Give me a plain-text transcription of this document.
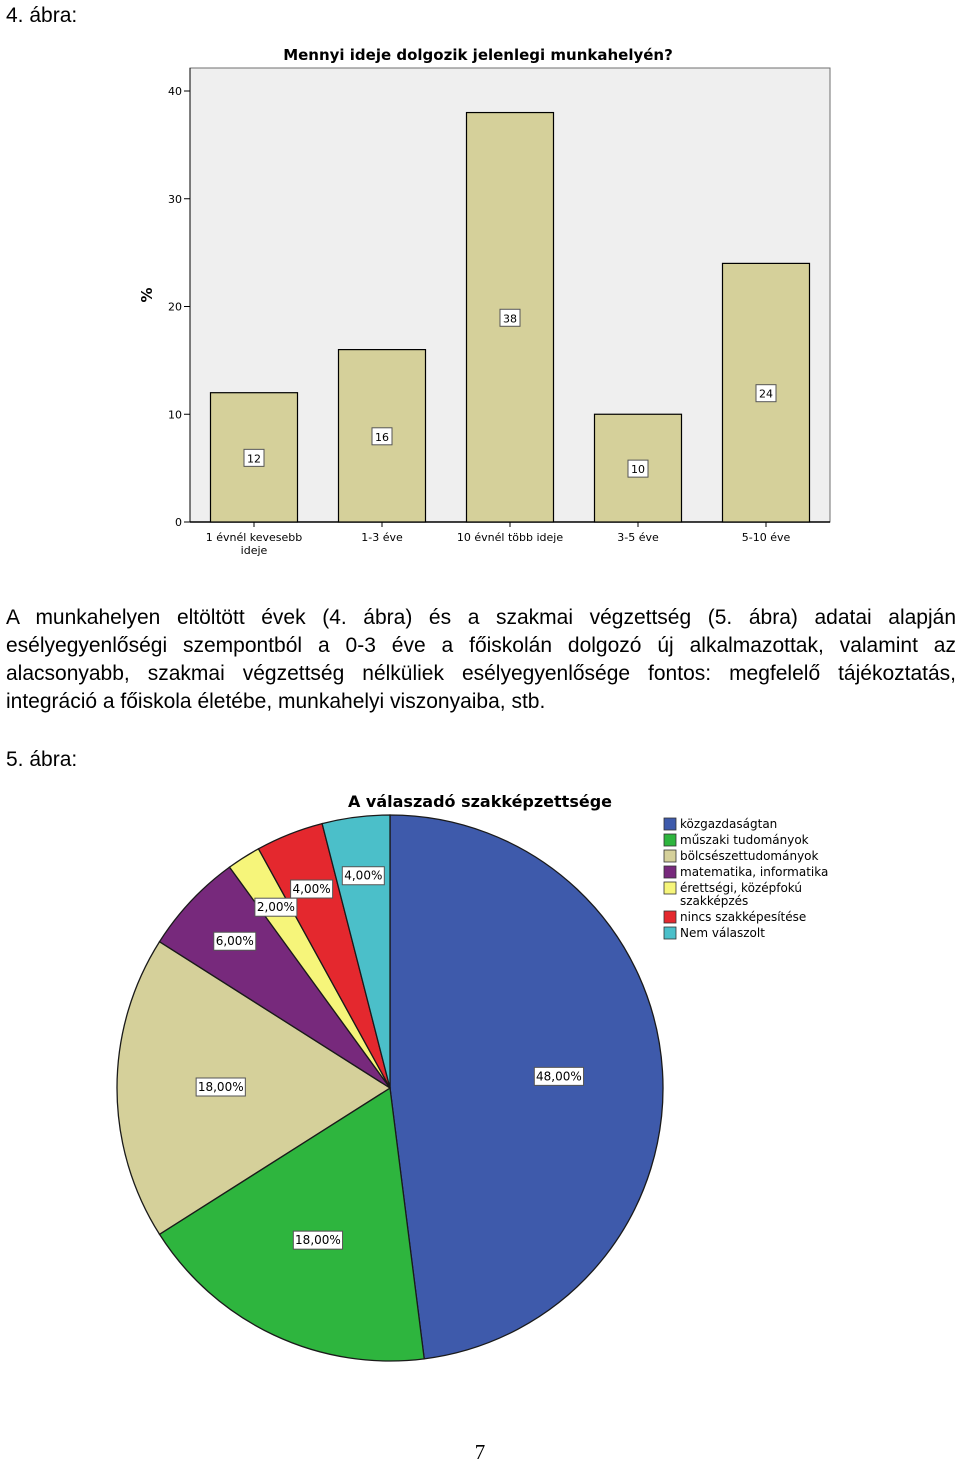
4. ábra:
Mennyi ideje dolgozik jelenlegi munkahelyén?
0
10
20
30
40
%
12
16
38
10
24
1 évnél kevesebb
ideje
1-3 éve	10 évnél több ideje	3-5 éve	5-10 éve
A munkahelyen eltöltött évek (4. ábra) és a szakmai végzettség (5. ábra) adatai alapján esélyegyenlőségi szempontból a 0-3 éve a főiskolán dolgozó új alkalmazottak, valamint az alacsonyabb, szakmai végzettség nélküliek esélyegyenlősége fontos: megfelelő tájékoztatás, integráció a főiskola életébe, munkahelyi viszonyaiba, stb.
5. ábra:
A válaszadó szakképzettsége
48,00%
18,00%
18,00%
6,00%
2,00%
4,00%
4,00%
közgazdaságtan
műszaki tudományok
bölcsészettudományok
matematika, informatika
érettségi, középfokú
szakképzés
nincs szakképesítése
Nem válaszolt
7
